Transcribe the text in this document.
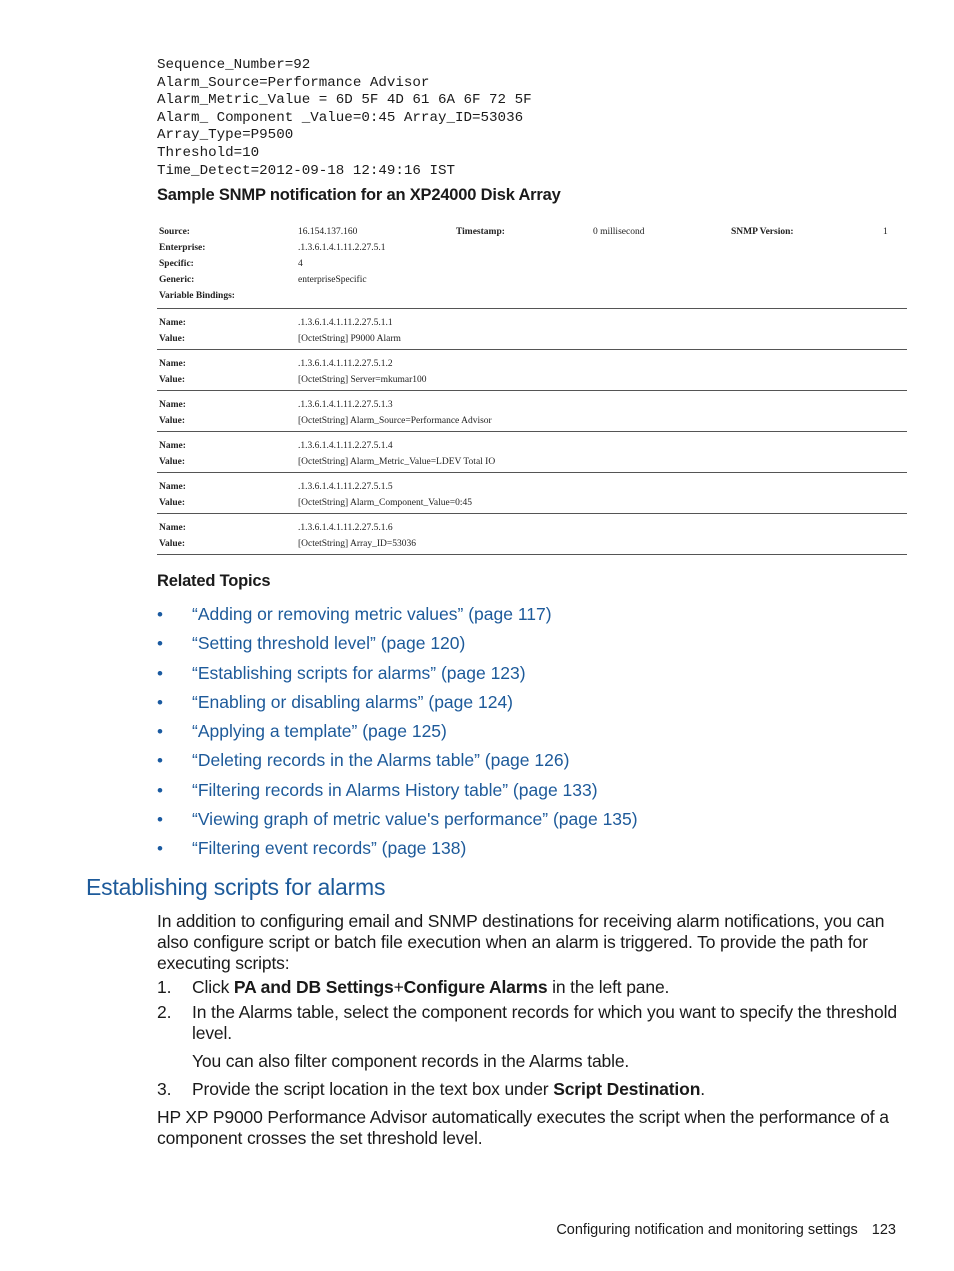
Sequence_Number=92
Alarm_Source=Performance Advisor
Alarm_Metric_Value = 6D 5F 4D 61 6A 6F 72 5F
Alarm_ Component _Value=0:45 Array_ID=53036
Array_Type=P9500
Threshold=10
Time_Detect=2012-09-18 12:49:16 IST
Sample SNMP notification for an XP24000 Disk Array
Source:	16.154.137.160	Timestamp:	0 millisecond	SNMP Version:	1
Enterprise:	.1.3.6.1.4.1.11.2.27.5.1
Specific:	4
Generic:	enterpriseSpecific
Variable Bindings:
Name:	.1.3.6.1.4.1.11.2.27.5.1.1
Value:	[OctetString] P9000 Alarm
Name:	.1.3.6.1.4.1.11.2.27.5.1.2
Value:	[OctetString] Server=mkumar100
Name:	.1.3.6.1.4.1.11.2.27.5.1.3
Value:	[OctetString] Alarm_Source=Performance Advisor
Name:	.1.3.6.1.4.1.11.2.27.5.1.4
Value:	[OctetString] Alarm_Metric_Value=LDEV Total IO
Name:	.1.3.6.1.4.1.11.2.27.5.1.5
Value:	[OctetString] Alarm_Component_Value=0:45
Name:	.1.3.6.1.4.1.11.2.27.5.1.6
Value:	[OctetString] Array_ID=53036
Related Topics
• “Adding or removing metric values” (page 117)
• “Setting threshold level” (page 120)
• “Establishing scripts for alarms” (page 123)
• “Enabling or disabling alarms” (page 124)
• “Applying a template” (page 125)
• “Deleting records in the Alarms table” (page 126)
• “Filtering records in Alarms History table” (page 133)
• “Viewing graph of metric value's performance” (page 135)
• “Filtering event records” (page 138)
Establishing scripts for alarms
In addition to configuring email and SNMP destinations for receiving alarm notifications, you can also configure script or batch file execution when an alarm is triggered. To provide the path for executing scripts:
1. Click PA and DB Settings+Configure Alarms in the left pane.
2. In the Alarms table, select the component records for which you want to specify the threshold level.
You can also filter component records in the Alarms table.
3. Provide the script location in the text box under Script Destination.
HP XP P9000 Performance Advisor automatically executes the script when the performance of a component crosses the set threshold level.
Configuring notification and monitoring settings 123
